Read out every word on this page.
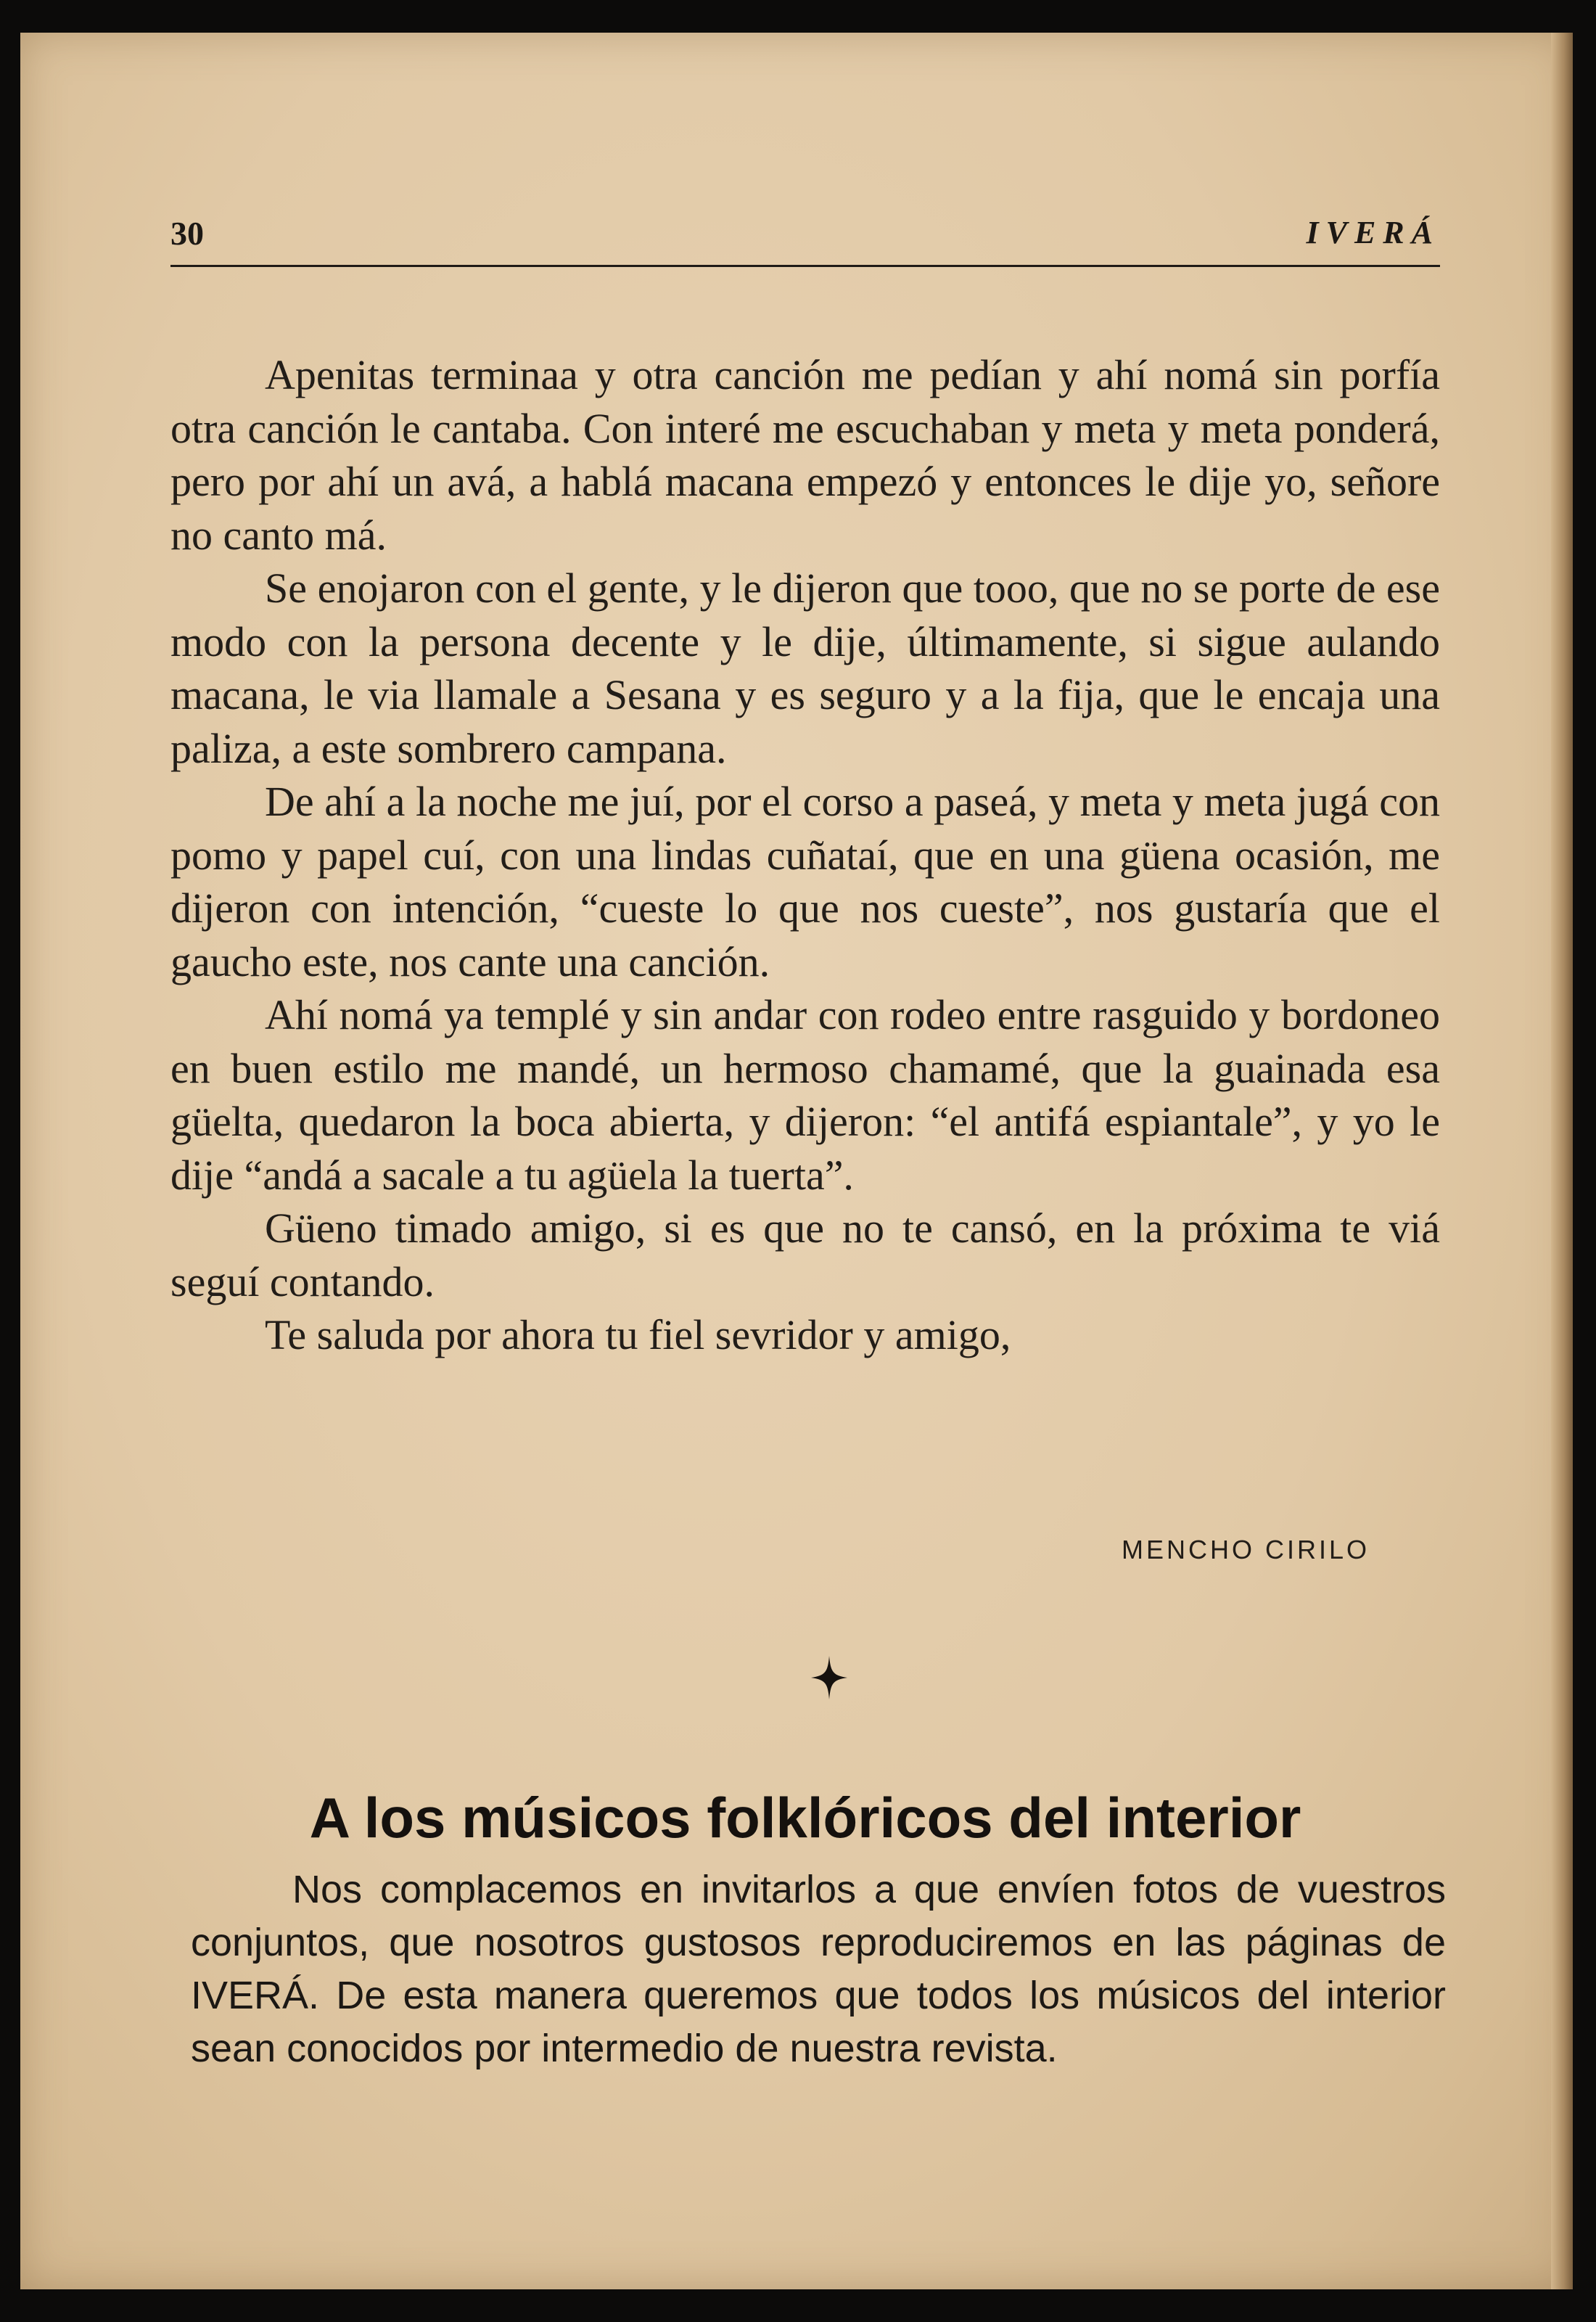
30	IVERÁ

Apenitas terminaa y otra canción me pedían y ahí nomá sin porfía otra canción le cantaba. Con interé me escuchaban y meta y meta ponderá, pero por ahí un avá, a hablá macana empezó y entonces le dije yo, señore no canto má.

Se enojaron con el gente, y le dijeron que tooo, que no se porte de ese modo con la persona decente y le dije, últimamente, si sigue aulando macana, le via llamale a Sesana y es seguro y a la fija, que le encaja una paliza, a este sombrero campana.

De ahí a la noche me juí, por el corso a paseá, y meta y meta jugá con pomo y papel cuí, con una lindas cuñataí, que en una güena ocasión, me dijeron con intención, “cueste lo que nos cueste”, nos gustaría que el gaucho este, nos cante una canción.

Ahí nomá ya templé y sin andar con rodeo entre rasguido y bordoneo en buen estilo me mandé, un hermoso chamamé, que la guainada esa güelta, quedaron la boca abierta, y dijeron: “el antifá espiantale”, y yo le dije “andá a sacale a tu agüela la tuerta”.

Güeno timado amigo, si es que no te cansó, en la próxima te viá seguí contando.

Te saluda por ahora tu fiel sevridor y amigo,

MENCHO CIRILO
A los músicos folklóricos del interior

Nos complacemos en invitarlos a que envíen fotos de vuestros conjuntos, que nosotros gustosos reproduciremos en las páginas de IVERÁ. De esta manera queremos que todos los músicos del interior sean conocidos por intermedio de nuestra revista.
